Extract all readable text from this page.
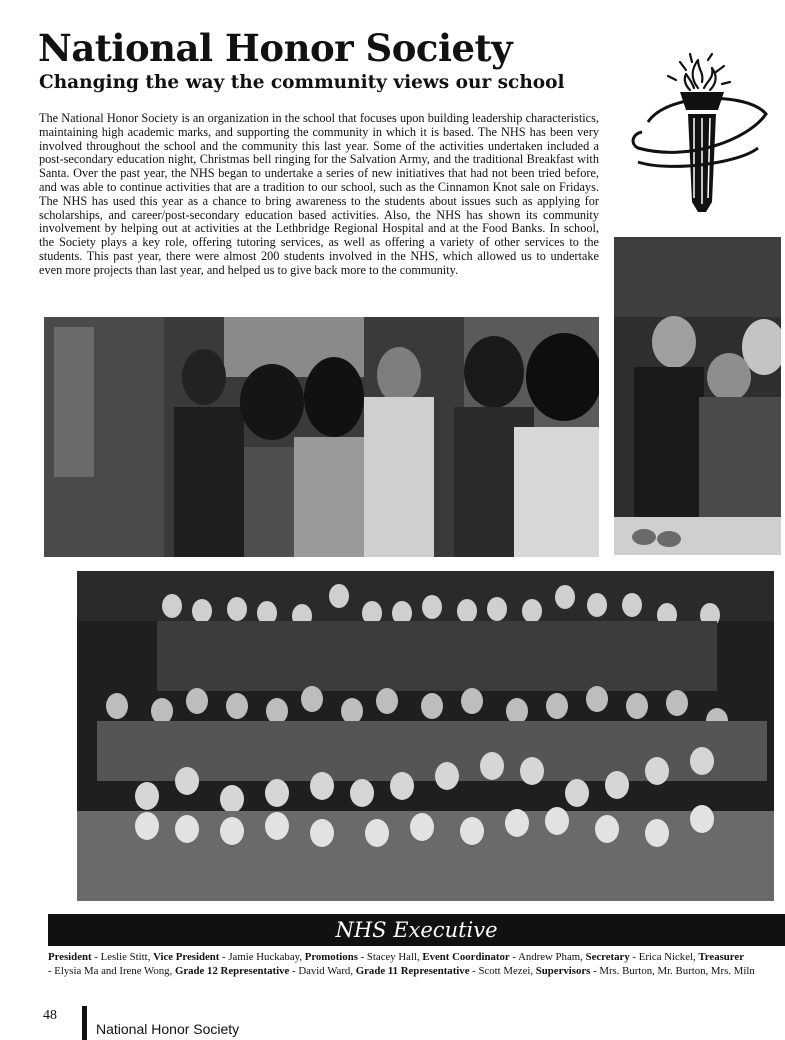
National Honor Society
Changing the way the community views our school

The National Honor Society is an organization in the school that focuses upon building leadership characteristics, maintaining high academic marks, and supporting the community in which it is based. The NHS has been very involved throughout the school and the community this last year. Some of the activities undertaken included a post-secondary education night, Christmas bell ringing for the Salvation Army, and the traditional Breakfast with Santa. Over the past year, the NHS began to undertake a series of new initiatives that had not been tried before, and was able to continue activities that are a tradition to our school, such as the Cinnamon Knot sale on Fridays. The NHS has used this year as a chance to bring awareness to the students about issues such as applying for scholarships, and career/post-secondary education based activities. Also, the NHS has shown its community involvement by helping out at activities at the Lethbridge Regional Hospital and at the Food Banks. In school, the Society plays a key role, offering tutoring services, as well as offering a variety of other services to the students. This past year, there were almost 200 students involved in the NHS, which allowed us to undertake even more projects than last year, and helped us to give back more to the community.

NHS Executive

President - Leslie Stitt, Vice President - Jamie Huckabay, Promotions - Stacey Hall, Event Coordinator - Andrew Pham, Secretary - Erica Nickel, Treasurer
- Elysia Ma and Irene Wong, Grade 12 Representative - David Ward, Grade 11 Representative - Scott Mezei, Supervisors - Mrs. Burton, Mr. Burton, Mrs. Miln

48
National Honor Society
